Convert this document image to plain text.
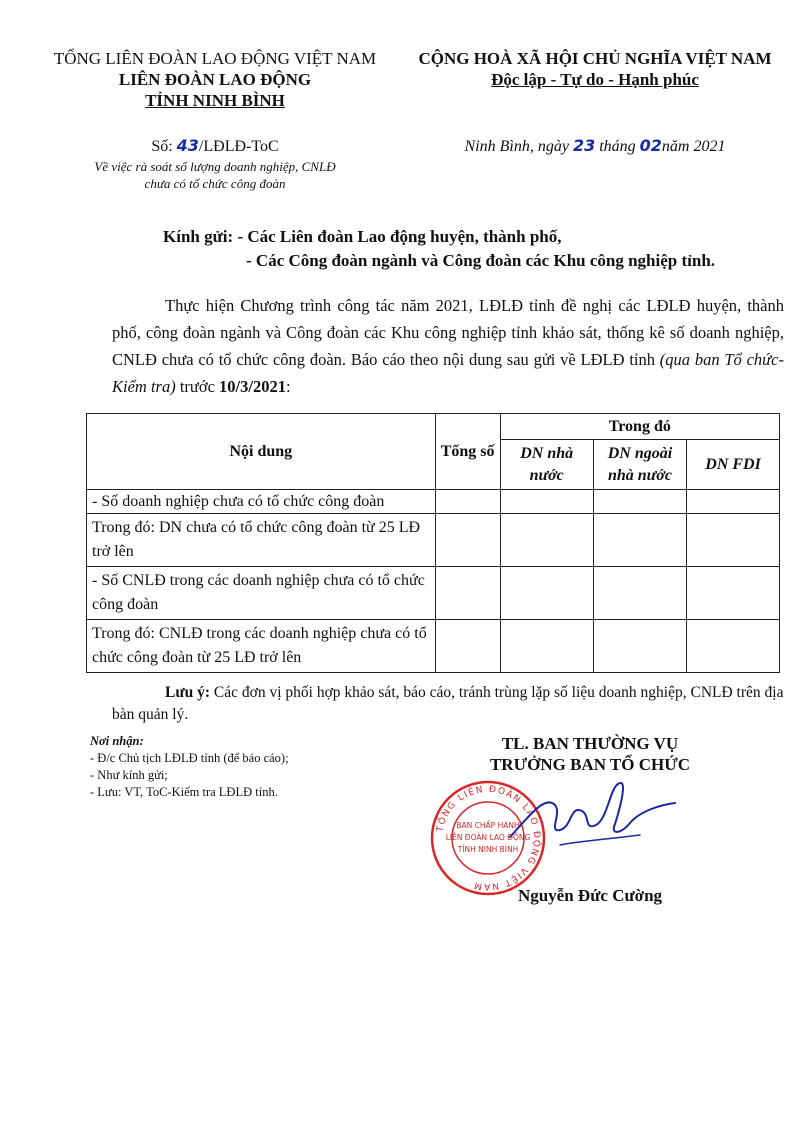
TỔNG LIÊN ĐOÀN LAO ĐỘNG VIỆT NAM
LIÊN ĐOÀN LAO ĐỘNG
TỈNH NINH BÌNH
CỘNG HOÀ XÃ HỘI CHỦ NGHĨA VIỆT NAM
Độc lập - Tự do - Hạnh phúc
Số: 43/LĐLĐ-ToC
Về việc rà soát số lượng doanh nghiệp, CNLĐ
chưa có tổ chức công đoàn
Ninh Bình, ngày 23 tháng 02năm 2021
Kính gửi: - Các Liên đoàn Lao động huyện, thành phố,
- Các Công đoàn ngành và Công đoàn các Khu công nghiệp tỉnh.
Thực hiện Chương trình công tác năm 2021, LĐLĐ tỉnh đề nghị các LĐLĐ huyện, thành phố, công đoàn ngành và Công đoàn các Khu công nghiệp tỉnh khảo sát, thống kê số doanh nghiệp, CNLĐ chưa có tổ chức công đoàn. Báo cáo theo nội dung sau gửi về LĐLĐ tỉnh (qua ban Tổ chức- Kiểm tra) trước 10/3/2021:
Nội dung	Tổng số	Trong đó		
		DN nhà nước	DN ngoài nhà nước	DN FDI
- Số doanh nghiệp chưa có tổ chức công đoàn				
Trong đó: DN chưa có tổ chức công đoàn từ 25 LĐ trở lên				
- Số CNLĐ trong các doanh nghiệp chưa có tổ chức công đoàn				
Trong đó: CNLĐ trong các doanh nghiệp chưa có tổ chức công đoàn từ 25 LĐ trở lên				
Lưu ý: Các đơn vị phối hợp khảo sát, báo cáo, tránh trùng lặp số liệu doanh nghiệp, CNLĐ trên địa bàn quản lý.
Nơi nhận:
- Đ/c Chủ tịch LĐLĐ tỉnh (để báo cáo);
- Như kính gửi;
- Lưu: VT, ToC-Kiểm tra LĐLĐ tỉnh.
TL. BAN THƯỜNG VỤ
TRƯỞNG BAN TỔ CHỨC
TỔNG LIÊN ĐOÀN LAO ĐỘNG VIỆT NAM
BAN CHẤP HÀNH
LIÊN ĐOÀN LAO ĐỘNG
TỈNH NINH BÌNH
Nguyễn Đức Cường
